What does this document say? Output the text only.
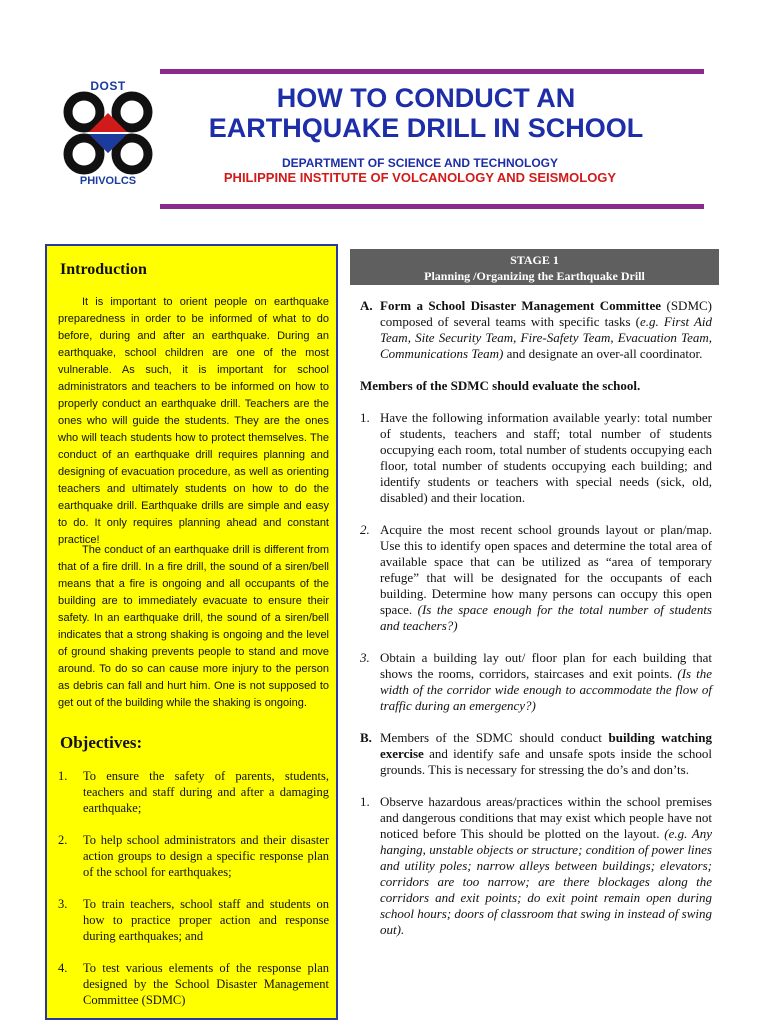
DOST
PHIVOLCS
HOW TO CONDUCT AN
EARTHQUAKE DRILL IN SCHOOL
DEPARTMENT OF SCIENCE AND TECHNOLOGY
PHILIPPINE INSTITUTE OF VOLCANOLOGY AND SEISMOLOGY
Introduction

It is important to orient people on earthquake preparedness in order to be informed of what to do before, during and after an earthquake. During an earthquake, school children are one of the most vulnerable. As such, it is important for school administrators and teachers to be informed on how to properly conduct an earthquake drill. Teachers are the ones who will guide the students. They are the ones who will teach students how to protect themselves. The conduct of an earthquake drill requires planning and designing of evacuation procedure, as well as orienting teachers and ultimately students on how to do the earthquake drill. Earthquake drills are simple and easy to do. It only requires planning ahead and constant practice!

The conduct of an earthquake drill is different from that of a fire drill. In a fire drill, the sound of a siren/bell means that a fire is ongoing and all occupants of the building are to immediately evacuate to ensure their safety. In an earthquake drill, the sound of a siren/bell indicates that a strong shaking is ongoing and the level of ground shaking prevents people to stand and move around. To do so can cause more injury to the person as debris can fall and hurt him. One is not supposed to get out of the building while the shaking is ongoing.

Objectives:
1.	To ensure the safety of parents, students, teachers and staff during and after a damaging earthquake;
2.	To help school administrators and their disaster action groups to design a specific response plan of the school for earthquakes;
3.	To train teachers, school staff and students on how to practice proper action and response during earthquakes; and
4.	To test various elements of the response plan designed by the School Disaster Management Committee (SDMC)
STAGE 1
Planning /Organizing the Earthquake Drill
A. Form a School Disaster Management Committee (SDMC) composed of several teams with specific tasks (e.g. First Aid Team, Site Security Team, Fire-Safety Team, Evacuation Team, Communications Team) and designate an over-all coordinator.
Members of the SDMC should evaluate the school.
1. Have the following information available yearly: total number of students, teachers and staff; total number of students occupying each room, total number of students occupying each floor, total number of students occupying each building; and identify students or teachers with special needs (sick, old, disabled) and their location.
2. Acquire the most recent school grounds layout or plan/map. Use this to identify open spaces and determine the total area of available space that can be utilized as “area of temporary refuge” that will be designated for the occupants of each building. Determine how many persons can occupy this open space. (Is the space enough for the total number of students and teachers?)
3. Obtain a building lay out/ floor plan for each building that shows the rooms, corridors, staircases and exit points. (Is the width of the corridor wide enough to accommodate the flow of traffic during an emergency?)
B. Members of the SDMC should conduct building watching exercise and identify safe and unsafe spots inside the school grounds. This is necessary for stressing the do’s and don’ts.
1. Observe hazardous areas/practices within the school premises and dangerous conditions that may exist which people have not noticed before This should be plotted on the layout. (e.g. Any hanging, unstable objects or structure; condition of power lines and utility poles; narrow alleys between buildings; elevators; corridors are too narrow; are there blockages along the corridors and exit points; do exit point remain open during school hours; doors of classroom that swing in instead of swing out).
